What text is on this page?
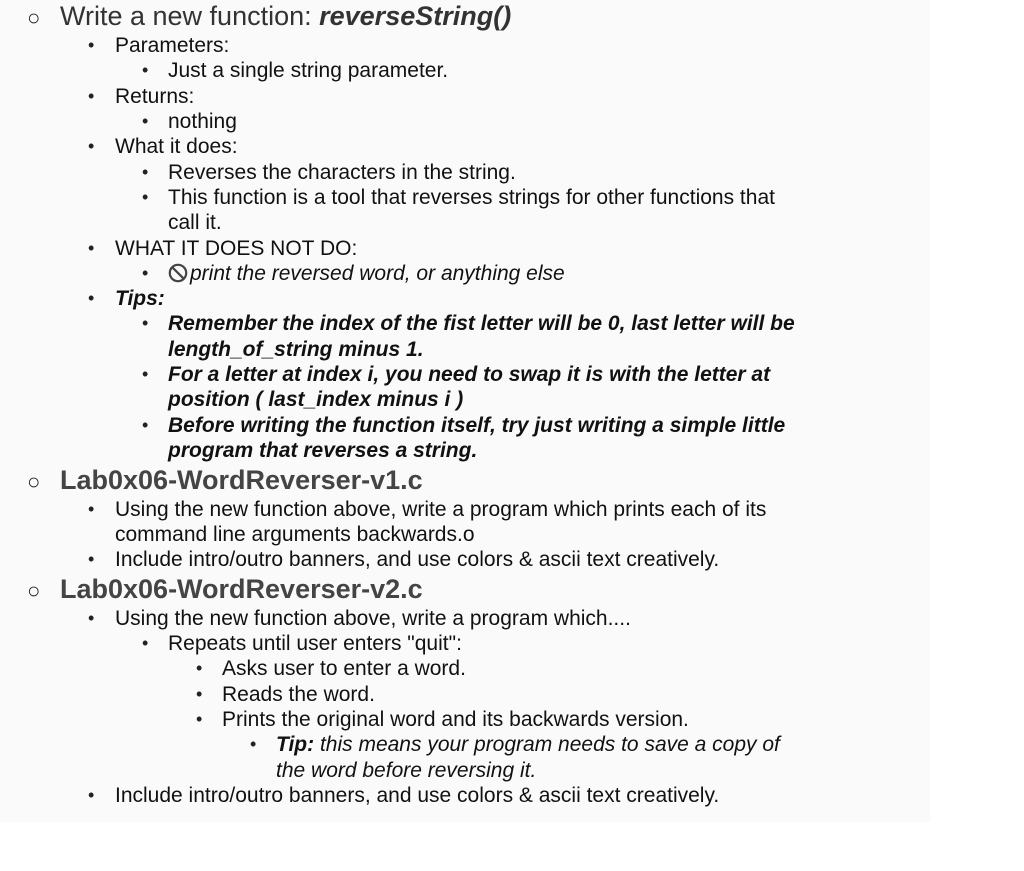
○ Write a new function: reverseString()
• Parameters:
• Just a single string parameter.
• Returns:
• nothing
• What it does:
• Reverses the characters in the string.
• This function is a tool that reverses strings for other functions that
call it.
• WHAT IT DOES NOT DO:
•	print the reversed word, or anything else
• Tips:
• Remember the index of the fist letter will be 0, last letter will be
length_of_string minus 1.
• For a letter at index i, you need to swap it is with the letter at
position ( last_index minus i )
• Before writing the function itself, try just writing a simple little
program that reverses a string.
○ Lab0x06-WordReverser-v1.c
• Using the new function above, write a program which prints each of its
command line arguments backwards.o
• Include intro/outro banners, and use colors & ascii text creatively.
○ Lab0x06-WordReverser-v2.c
• Using the new function above, write a program which....
• Repeats until user enters "quit":
• Asks user to enter a word.
• Reads the word.
• Prints the original word and its backwards version.
• Tip: this means your program needs to save a copy of
the word before reversing it.
• Include intro/outro banners, and use colors & ascii text creatively.
